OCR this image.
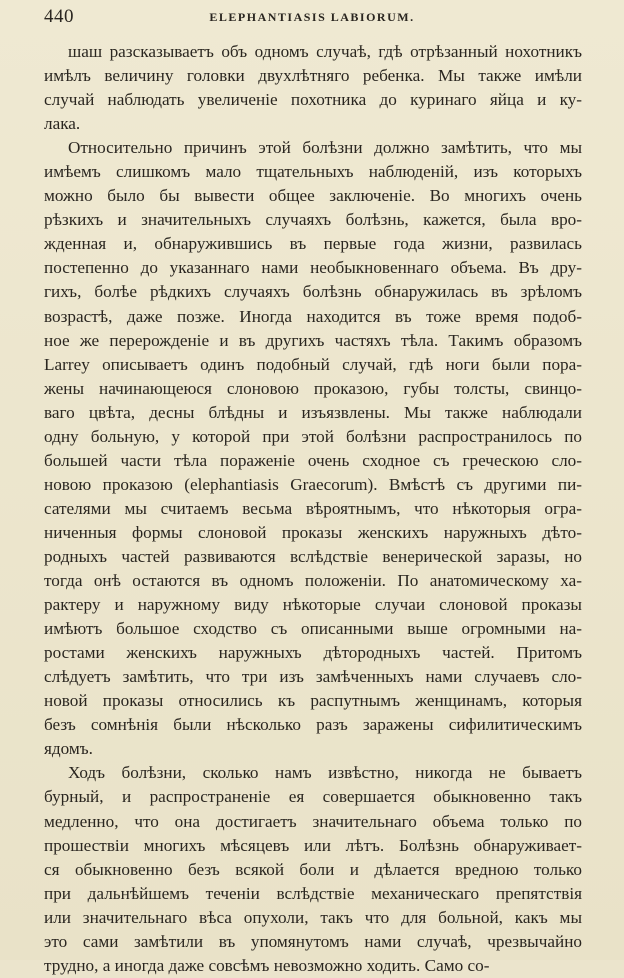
440	ELEPHANTIASIS LABIORUM.
шаш разсказываетъ объ одномъ случаѣ, гдѣ отрѣзанный нохотникъ
имѣлъ величину головки двухлѣтняго ребенка. Мы также имѣли
случай наблюдать увеличеніе похотника до куринаго яйца и ку-
лака.
Относительно причинъ этой болѣзни должно замѣтить, что мы
имѣемъ слишкомъ мало тщательныхъ наблюденій, изъ которыхъ
можно было бы вывести общее заключеніе. Во многихъ очень
рѣзкихъ и значительныхъ случаяхъ болѣзнь, кажется, была вро-
жденная и, обнаружившись въ первые года жизни, развилась
постепенно до указаннаго нами необыкновеннаго объема. Въ дру-
гихъ, болѣе рѣдкихъ случаяхъ болѣзнь обнаружилась въ зрѣломъ
возрастѣ, даже позже. Иногда находится въ тоже время подоб-
ное же перерожденіе и въ другихъ частяхъ тѣла. Такимъ образомъ
Larrey описываетъ одинъ подобный случай, гдѣ ноги были пора-
жены начинающеюся слоновою проказою, губы толсты, свинцо-
ваго цвѣта, десны блѣдны и изъязвлены. Мы также наблюдали
одну больную, у которой при этой болѣзни распространилось по
большей части тѣла пораженіе очень сходное съ греческою сло-
новою проказою (elephantiasis Graecorum). Вмѣстѣ съ другими пи-
сателями мы считаемъ весьма вѣроятнымъ, что нѣкоторыя огра-
ниченныя формы слоновой проказы женскихъ наружныхъ дѣто-
родныхъ частей развиваются вслѣдствіе венерической заразы, но
тогда онѣ остаются въ одномъ положеніи. По анатомическому ха-
рактеру и наружному виду нѣкоторые случаи слоновой проказы
имѣютъ большое сходство съ описанными выше огромными на-
ростами женскихъ наружныхъ дѣтородныхъ частей. Притомъ
слѣдуетъ замѣтить, что три изъ замѣченныхъ нами случаевъ сло-
новой проказы относились къ распутнымъ женщинамъ, которыя
безъ сомнѣнія были нѣсколько разъ заражены сифилитическимъ
ядомъ.
Ходъ болѣзни, сколько намъ извѣстно, никогда не бываетъ
бурный, и распространеніе ея совершается обыкновенно такъ
медленно, что она достигаетъ значительнаго объема только по
прошествіи многихъ мѣсяцевъ или лѣтъ. Болѣзнь обнаруживает-
ся обыкновенно безъ всякой боли и дѣлается вредною только
при дальнѣйшемъ теченіи вслѣдствіе механическаго препятствія
или значительнаго вѣса опухоли, такъ что для больной, какъ мы
это сами замѣтили въ упомянутомъ нами случаѣ, чрезвычайно
трудно, а иногда даже совсѣмъ невозможно ходить. Само со-
